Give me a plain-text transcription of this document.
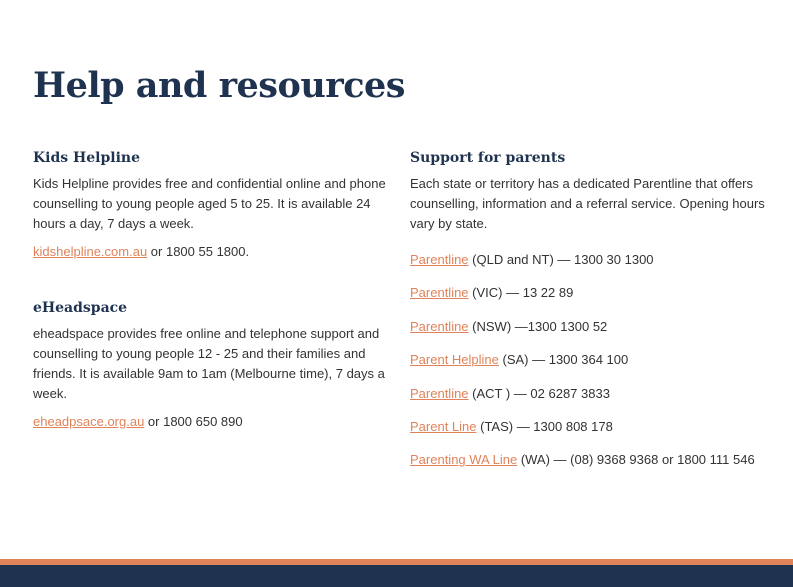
Help and resources
Kids Helpline

Kids Helpline provides free and confidential online and phone counselling to young people aged 5 to 25. It is available 24 hours a day, 7 days a week.

kidshelpline.com.au or 1800 55 1800.

eHeadspace

eheadspace provides free online and telephone support and counselling to young people 12 - 25 and their families and friends. It is available 9am to 1am (Melbourne time), 7 days a week.

eheadpsace.org.au or 1800 650 890

Support for parents

Each state or territory has a dedicated Parentline that offers counselling, information and a referral service. Opening hours vary by state.

Parentline (QLD and NT) — 1300 30 1300
Parentline (VIC) — 13 22 89
Parentline (NSW) —1300 1300 52
Parent Helpline (SA) — 1300 364 100
Parentline (ACT ) — 02 6287 3833
Parent Line (TAS) — 1300 808 178
Parenting WA Line (WA) — (08) 9368 9368 or 1800 111 546
